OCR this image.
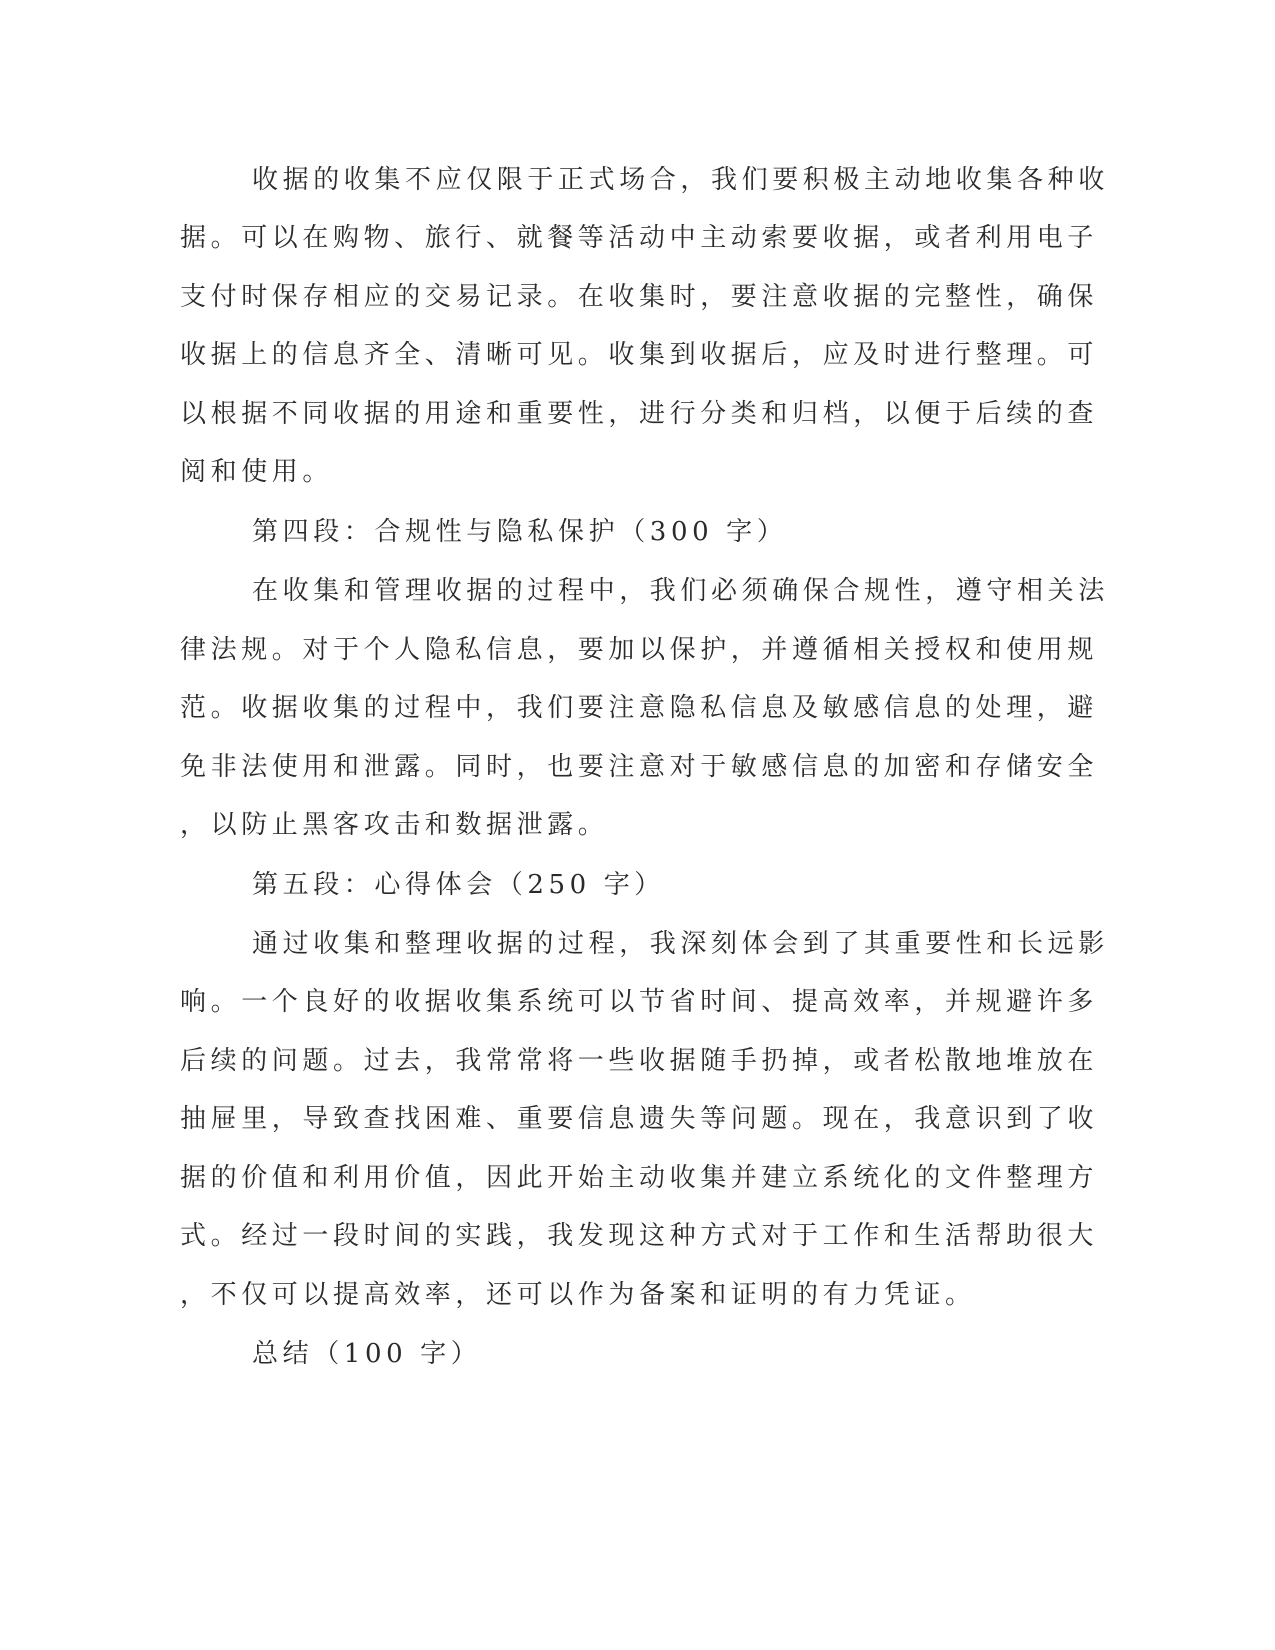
收据的收集不应仅限于正式场合，我们要积极主动地收集各种收
据。可以在购物、旅行、就餐等活动中主动索要收据，或者利用电子
支付时保存相应的交易记录。在收集时，要注意收据的完整性，确保
收据上的信息齐全、清晰可见。收集到收据后，应及时进行整理。可
以根据不同收据的用途和重要性，进行分类和归档，以便于后续的查
阅和使用。
第四段：合规性与隐私保护（300 字）
在收集和管理收据的过程中，我们必须确保合规性，遵守相关法
律法规。对于个人隐私信息，要加以保护，并遵循相关授权和使用规
范。收据收集的过程中，我们要注意隐私信息及敏感信息的处理，避
免非法使用和泄露。同时，也要注意对于敏感信息的加密和存储安全
，以防止黑客攻击和数据泄露。
第五段：心得体会（250 字）
通过收集和整理收据的过程，我深刻体会到了其重要性和长远影
响。一个良好的收据收集系统可以节省时间、提高效率，并规避许多
后续的问题。过去，我常常将一些收据随手扔掉，或者松散地堆放在
抽屉里，导致查找困难、重要信息遗失等问题。现在，我意识到了收
据的价值和利用价值，因此开始主动收集并建立系统化的文件整理方
式。经过一段时间的实践，我发现这种方式对于工作和生活帮助很大
，不仅可以提高效率，还可以作为备案和证明的有力凭证。
总结（100 字）
